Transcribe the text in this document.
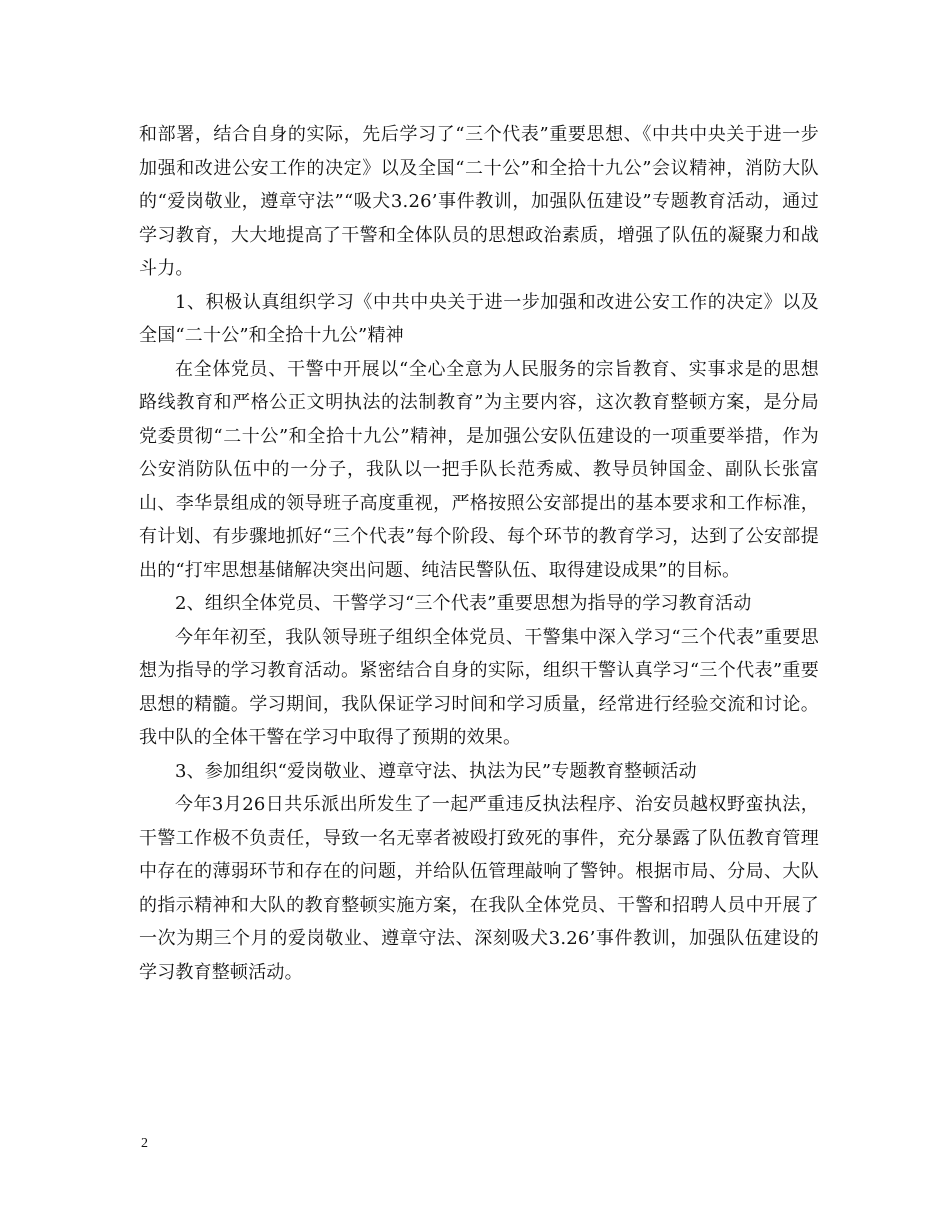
和部署，结合自身的实际，先后学习了“三个代表”重要思想、《中共中央关于进一步加强和改进公安工作的决定》以及全国“二十公”和全拾十九公”会议精神，消防大队的“爱岗敬业，遵章守法”“吸犬3.26’事件教训，加强队伍建设”专题教育活动，通过学习教育，大大地提高了干警和全体队员的思想政治素质，增强了队伍的凝聚力和战斗力。

1、积极认真组织学习《中共中央关于进一步加强和改进公安工作的决定》以及全国“二十公”和全拾十九公”精神

在全体党员、干警中开展以“全心全意为人民服务的宗旨教育、实事求是的思想路线教育和严格公正文明执法的法制教育”为主要内容，这次教育整顿方案，是分局党委贯彻“二十公”和全拾十九公”精神，是加强公安队伍建设的一项重要举措，作为公安消防队伍中的一分子，我队以一把手队长范秀威、教导员钟国金、副队长张富山、李华景组成的领导班子高度重视，严格按照公安部提出的基本要求和工作标准，有计划、有步骤地抓好“三个代表”每个阶段、每个环节的教育学习，达到了公安部提出的“打牢思想基储解决突出问题、纯洁民警队伍、取得建设成果”的目标。

2、组织全体党员、干警学习“三个代表”重要思想为指导的学习教育活动

今年年初至，我队领导班子组织全体党员、干警集中深入学习“三个代表”重要思想为指导的学习教育活动。紧密结合自身的实际，组织干警认真学习“三个代表”重要思想的精髓。学习期间，我队保证学习时间和学习质量，经常进行经验交流和讨论。我中队的全体干警在学习中取得了预期的效果。

3、参加组织“爱岗敬业、遵章守法、执法为民”专题教育整顿活动

今年3月26日共乐派出所发生了一起严重违反执法程序、治安员越权野蛮执法，干警工作极不负责任，导致一名无辜者被殴打致死的事件，充分暴露了队伍教育管理中存在的薄弱环节和存在的问题，并给队伍管理敲响了警钟。根据市局、分局、大队的指示精神和大队的教育整顿实施方案，在我队全体党员、干警和招聘人员中开展了一次为期三个月的爱岗敬业、遵章守法、深刻吸犬3.26’事件教训，加强队伍建设的学习教育整顿活动。

2
